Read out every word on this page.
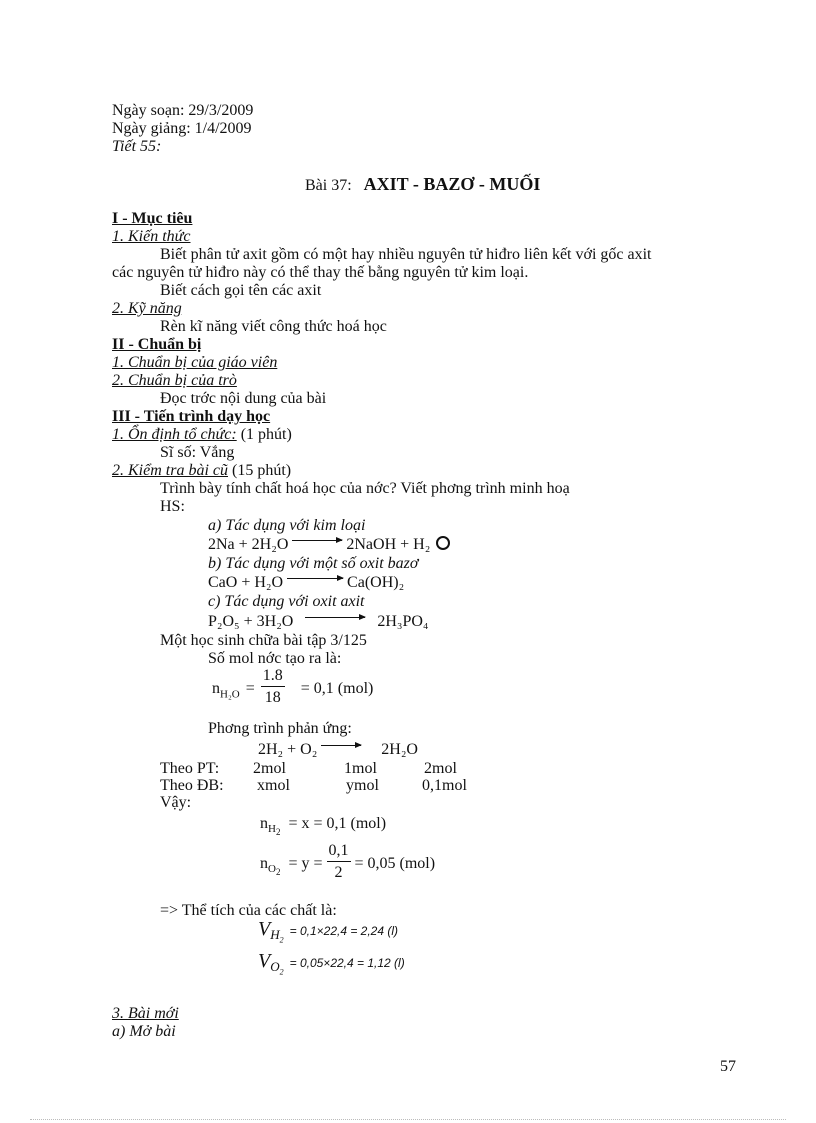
Ngày soạn: 29/3/2009
Ngày giảng: 1/4/2009
Tiết 55:
Bài 37: AXIT - BAZƠ - MUỐI
I - Mục tiêu
1. Kiến thức
Biết phân tử axit gồm có một hay nhiều nguyên tử hiđro liên kết với gốc axit
các nguyên tử hiđro này có thể thay thế bằng nguyên tử kim loại.
Biết cách gọi tên các axit
2. Kỹ năng
Rèn kĩ năng viết công thức hoá học
II - Chuẩn bị
1. Chuẩn bị của giáo viên
2. Chuẩn bị của trò
Đọc trớc nội dung của bài
III - Tiến trình dạy học
1. Ổn định tổ chức: (1 phút)
Sĩ số: Vắng
2. Kiểm tra bài cũ (15 phút)
Trình bày tính chất hoá học của nớc? Viết phơng trình minh hoạ
HS:
a) Tác dụng với kim loại
2Na + 2H₂O → 2NaOH + H₂
b) Tác dụng với một số oxit bazơ
CaO + H₂O → Ca(OH)₂
c) Tác dụng với oxit axit
P₂O₅ + 3H₂O → 2H₃PO₄
Một học sinh chữa bài tập 3/125
Số mol nớc tạo ra là:
$n_{H_2O} = \frac{1.8}{18} = 0,1$ (mol)
Phơng trình phản ứng:
2H₂ + O₂ → 2H₂O
Theo PT: 2mol	1mol	2mol
Theo ĐB: xmol	ymol	0,1mol
Vậy:
$n_{H_2} = x = 0,1$ (mol)
$n_{O_2} = y = \frac{0,1}{2} = 0,05$ (mol)
=> Thể tích của các chất là:
$V_{H_2} = 0,1\times 22,4 = 2,24$ (l)
$V_{O_2} = 0,05\times 22,4 = 1,12$ (l)
3. Bài mới
a) Mở bài
57
